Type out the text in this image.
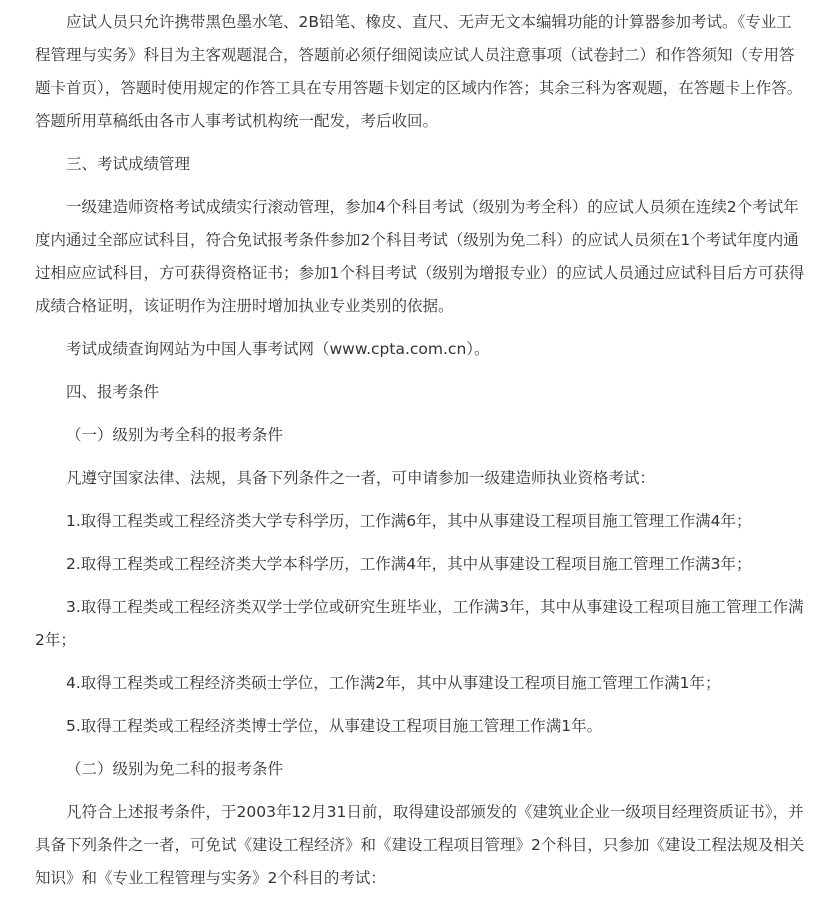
应试人员只允许携带黑色墨水笔、2B铅笔、橡皮、直尺、无声无文本编辑功能的计算器参加考试。《专业工程管理与实务》科目为主客观题混合，答题前必须仔细阅读应试人员注意事项（试卷封二）和作答须知（专用答题卡首页），答题时使用规定的作答工具在专用答题卡划定的区域内作答；其余三科为客观题，在答题卡上作答。答题所用草稿纸由各市人事考试机构统一配发，考后收回。

三、考试成绩管理

一级建造师资格考试成绩实行滚动管理，参加4个科目考试（级别为考全科）的应试人员须在连续2个考试年度内通过全部应试科目，符合免试报考条件参加2个科目考试（级别为免二科）的应试人员须在1个考试年度内通过相应应试科目，方可获得资格证书；参加1个科目考试（级别为增报专业）的应试人员通过应试科目后方可获得成绩合格证明，该证明作为注册时增加执业专业类别的依据。

考试成绩查询网站为中国人事考试网（www.cpta.com.cn）。

四、报考条件

（一）级别为考全科的报考条件

凡遵守国家法律、法规，具备下列条件之一者，可申请参加一级建造师执业资格考试：

1.取得工程类或工程经济类大学专科学历，工作满6年，其中从事建设工程项目施工管理工作满4年；

2.取得工程类或工程经济类大学本科学历，工作满4年，其中从事建设工程项目施工管理工作满3年；

3.取得工程类或工程经济类双学士学位或研究生班毕业，工作满3年，其中从事建设工程项目施工管理工作满2年；

4.取得工程类或工程经济类硕士学位，工作满2年，其中从事建设工程项目施工管理工作满1年；

5.取得工程类或工程经济类博士学位，从事建设工程项目施工管理工作满1年。

（二）级别为免二科的报考条件

凡符合上述报考条件，于2003年12月31日前，取得建设部颁发的《建筑业企业一级项目经理资质证书》，并具备下列条件之一者，可免试《建设工程经济》和《建设工程项目管理》2个科目，只参加《建设工程法规及相关知识》和《专业工程管理与实务》2个科目的考试：
